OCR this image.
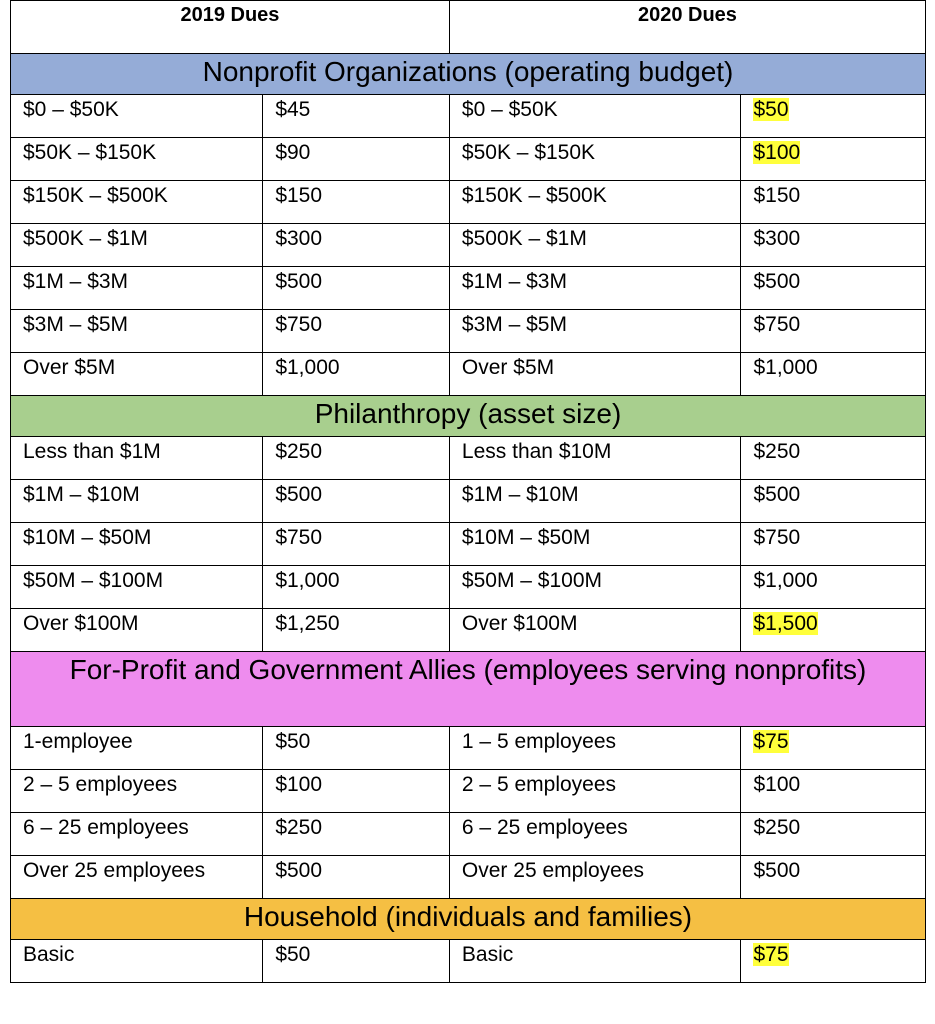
2019 Dues		2020 Dues	
Nonprofit Organizations (operating budget)			
$0 – $50K	$45	$0 – $50K	$50
$50K – $150K	$90	$50K – $150K	$100
$150K – $500K	$150	$150K – $500K	$150
$500K – $1M	$300	$500K – $1M	$300
$1M – $3M	$500	$1M – $3M	$500
$3M – $5M	$750	$3M – $5M	$750
Over $5M	$1,000	Over $5M	$1,000
Philanthropy (asset size)			
Less than $1M	$250	Less than $10M	$250
$1M – $10M	$500	$1M – $10M	$500
$10M – $50M	$750	$10M – $50M	$750
$50M – $100M	$1,000	$50M – $100M	$1,000
Over $100M	$1,250	Over $100M	$1,500
For-Profit and Government Allies (employees serving nonprofits)			
1-employee	$50	1 – 5 employees	$75
2 – 5 employees	$100	2 – 5 employees	$100
6 – 25 employees	$250	6 – 25 employees	$250
Over 25 employees	$500	Over 25 employees	$500
Household (individuals and families)			
Basic	$50	Basic	$75
